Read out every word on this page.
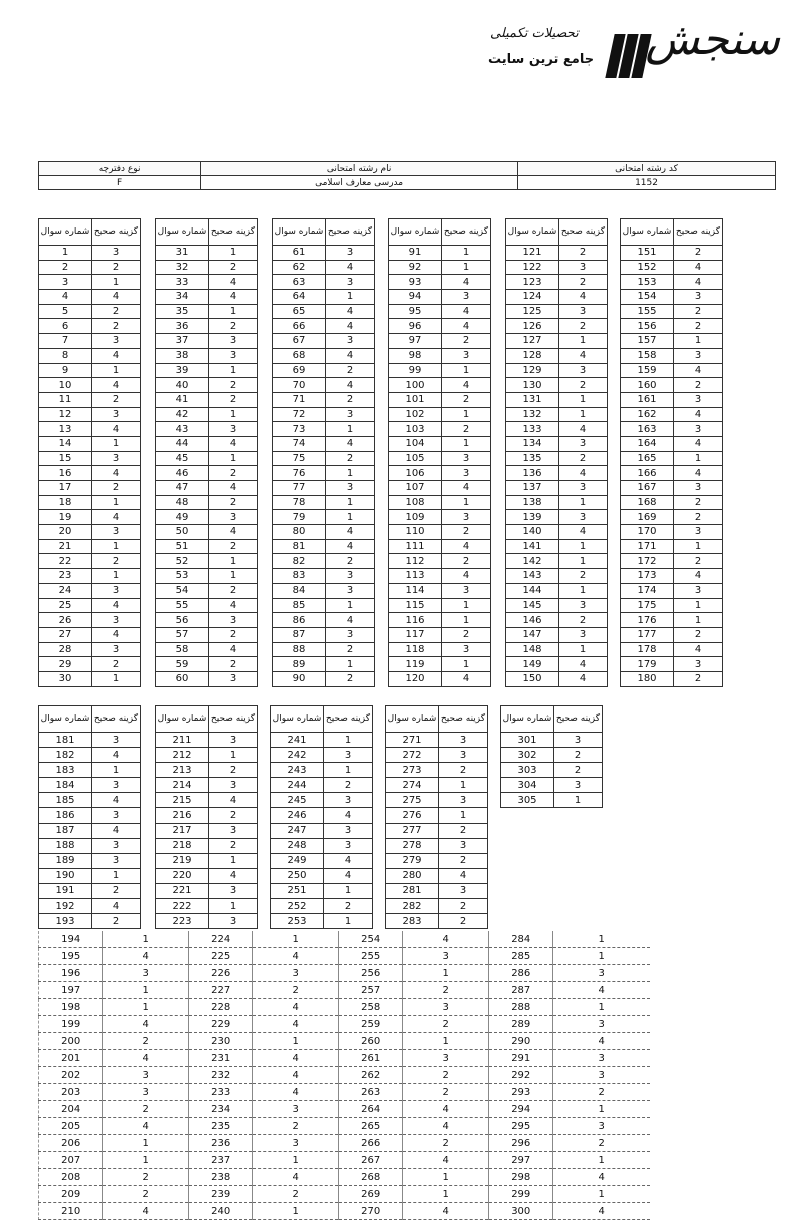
تحصیلات تکمیلی
جامع ترین سایت سنجش
کد رشته امتحانی	نام رشته امتحانی	نوع دفترچه
1152	مدرسی معارف اسلامی	F
شماره سوال	گزینه صحیح
1	3
2	2
3	1
4	4
5	2
6	2
7	3
8	4
9	1
10	4
11	2
12	3
13	4
14	1
15	3
16	4
17	2
18	1
19	4
20	3
21	1
22	2
23	1
24	3
25	4
26	3
27	4
28	3
29	2
30	1
شماره سوال	گزینه صحیح
31	1
32	2
33	4
34	4
35	1
36	2
37	3
38	3
39	1
40	2
41	2
42	1
43	3
44	4
45	1
46	2
47	4
48	2
49	3
50	4
51	2
52	1
53	1
54	2
55	4
56	3
57	2
58	4
59	2
60	3
شماره سوال	گزینه صحیح
61	3
62	4
63	3
64	1
65	4
66	4
67	3
68	4
69	2
70	4
71	2
72	3
73	1
74	4
75	2
76	1
77	3
78	1
79	1
80	4
81	4
82	2
83	3
84	3
85	1
86	4
87	3
88	2
89	1
90	2
شماره سوال	گزینه صحیح
91	1
92	1
93	4
94	3
95	4
96	4
97	2
98	3
99	1
100	4
101	2
102	1
103	2
104	1
105	3
106	3
107	4
108	1
109	3
110	2
111	4
112	2
113	4
114	3
115	1
116	1
117	2
118	3
119	1
120	4
شماره سوال	گزینه صحیح
121	2
122	3
123	2
124	4
125	3
126	2
127	1
128	4
129	3
130	2
131	1
132	1
133	4
134	3
135	2
136	4
137	3
138	1
139	3
140	4
141	1
142	1
143	2
144	1
145	3
146	2
147	3
148	1
149	4
150	4
شماره سوال	گزینه صحیح
151	2
152	4
153	4
154	3
155	2
156	2
157	1
158	3
159	4
160	2
161	3
162	4
163	3
164	4
165	1
166	4
167	3
168	2
169	2
170	3
171	1
172	2
173	4
174	3
175	1
176	1
177	2
178	4
179	3
180	2
شماره سوال	گزینه صحیح
181	3
182	4
183	1
184	3
185	4
186	3
187	4
188	3
189	3
190	1
191	2
192	4
193	2
شماره سوال	گزینه صحیح
211	3
212	1
213	2
214	3
215	4
216	2
217	3
218	2
219	1
220	4
221	3
222	1
223	3
شماره سوال	گزینه صحیح
241	1
242	3
243	1
244	2
245	3
246	4
247	3
248	3
249	4
250	4
251	1
252	2
253	1
شماره سوال	گزینه صحیح
271	3
272	3
273	2
274	1
275	3
276	1
277	2
278	3
279	2
280	4
281	3
282	2
283	2
شماره سوال	گزینه صحیح
301	3
302	2
303	2
304	3
305	1
194	1	224	1	254	4	284	1
195	4	225	4	255	3	285	1
196	3	226	3	256	1	286	3
197	1	227	2	257	2	287	4
198	1	228	4	258	3	288	1
199	4	229	4	259	2	289	3
200	2	230	1	260	1	290	4
201	4	231	4	261	3	291	3
202	3	232	4	262	2	292	3
203	3	233	4	263	2	293	2
204	2	234	3	264	4	294	1
205	4	235	2	265	4	295	3
206	1	236	3	266	2	296	2
207	1	237	1	267	4	297	1
208	2	238	4	268	1	298	4
209	2	239	2	269	1	299	1
210	4	240	1	270	4	300	4
